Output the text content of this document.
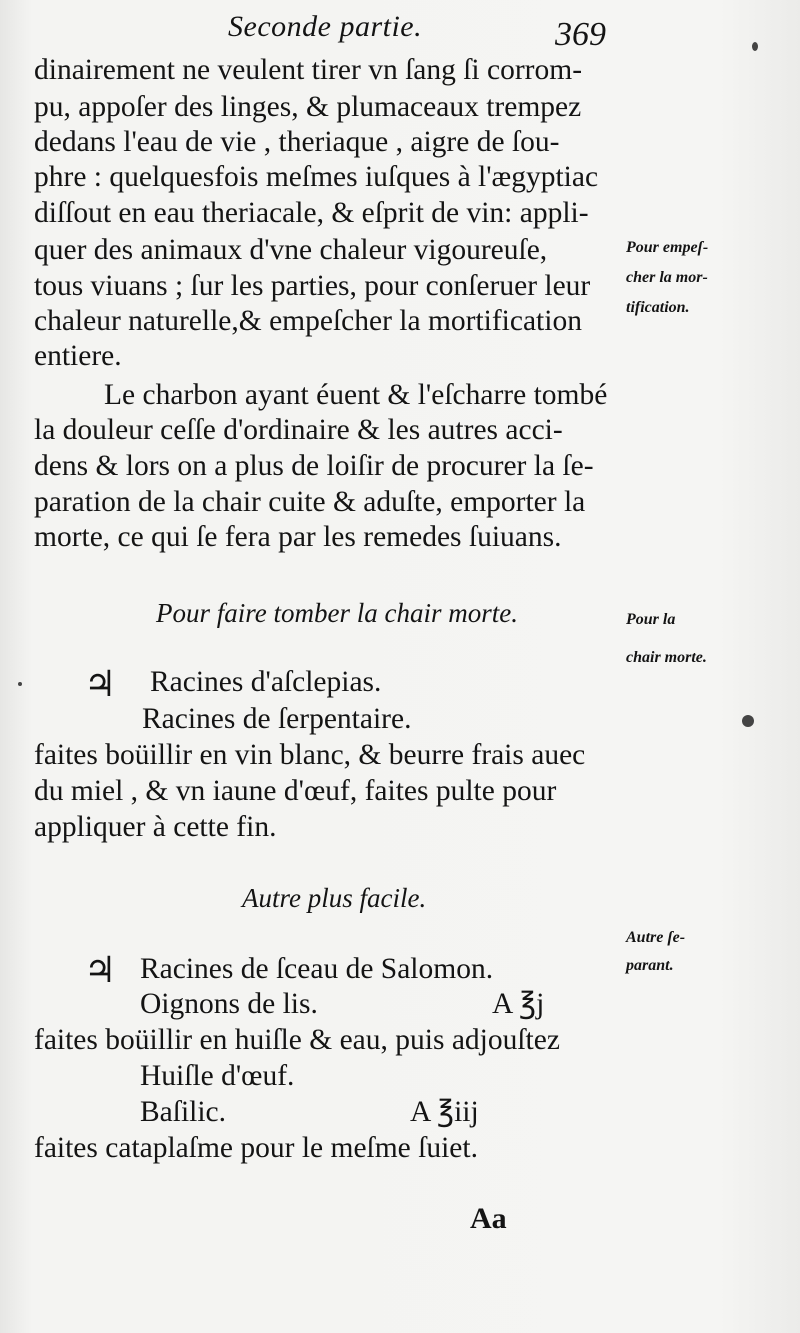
Seconde partie.	369
dinairement ne veulent tirer vn ſang ſi corrom-
pu, appoſer des linges, & plumaceaux trempez
dedans l'eau de vie , theriaque , aigre de ſou-
phre : quelquesfois meſmes iuſques à l'ægyptiac
diſſout en eau theriacale, & eſprit de vin: appli-
quer des animaux d'vne chaleur vigoureuſe,
tous viuans ; ſur les parties, pour conſeruer leur
chaleur naturelle,& empeſcher la mortification
entiere.
Le charbon ayant éuent & l'eſcharre tombé
la douleur ceſſe d'ordinaire & les autres acci-
dens & lors on a plus de loiſir de procurer la ſe-
paration de la chair cuite & aduſte, emporter la
morte, ce qui ſe fera par les remedes ſuiuans.
Pour empeſ-
cher la mor-
tification.
Pour faire tomber la chair morte.	Pour la
chair morte.
♃ Racines d'aſclepias.
Racines de ſerpentaire.
faites boüillir en vin blanc, & beurre frais auec
du miel , & vn iaune d'œuf, faites pulte pour
appliquer à cette fin.
Autre plus facile.
Autre ſe-
parant.
♃ Racines de ſceau de Salomon.
Oignons de lis.	A ℥j
faites boüillir en huiſle & eau, puis adjouſtez
Huiſle d'œuf.
Baſilic.	A ℥iij
faites cataplaſme pour le meſme ſuiet.
Aa
